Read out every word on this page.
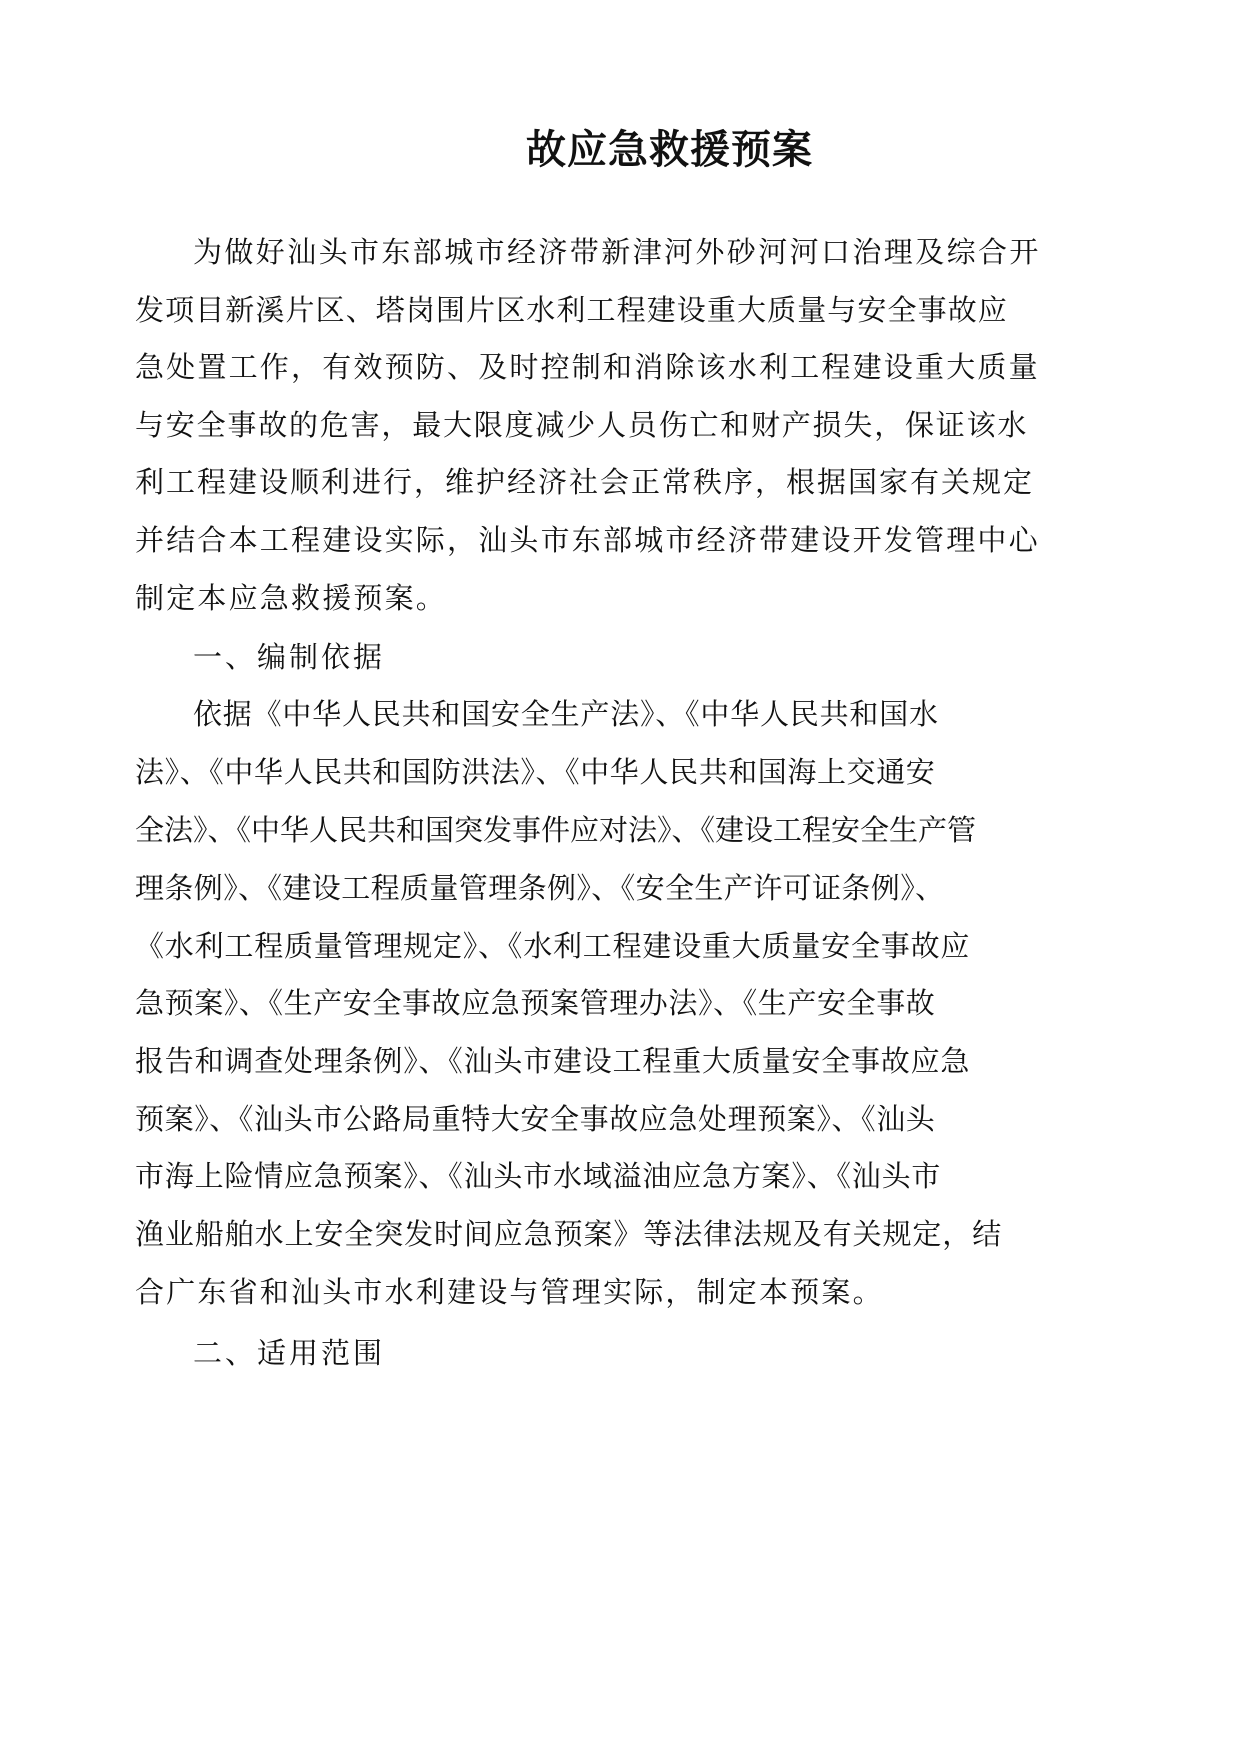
故应急救援预案
为做好汕头市东部城市经济带新津河外砂河河口治理及综合开
发项目新溪片区、塔岗围片区水利工程建设重大质量与安全事故应
急处置工作，有效预防、及时控制和消除该水利工程建设重大质量
与安全事故的危害，最大限度减少人员伤亡和财产损失，保证该水
利工程建设顺利进行，维护经济社会正常秩序，根据国家有关规定
并结合本工程建设实际，汕头市东部城市经济带建设开发管理中心
制定本应急救援预案。
一、编制依据
依据《中华人民共和国安全生产法》、《中华人民共和国水
法》、《中华人民共和国防洪法》、《中华人民共和国海上交通安
全法》、《中华人民共和国突发事件应对法》、《建设工程安全生产管
理条例》、《建设工程质量管理条例》、《安全生产许可证条例》、
《水利工程质量管理规定》、《水利工程建设重大质量安全事故应
急预案》、《生产安全事故应急预案管理办法》、《生产安全事故
报告和调查处理条例》、《汕头市建设工程重大质量安全事故应急
预案》、《汕头市公路局重特大安全事故应急处理预案》、《汕头
市海上险情应急预案》、《汕头市水域溢油应急方案》、《汕头市
渔业船舶水上安全突发时间应急预案》等法律法规及有关规定，结
合广东省和汕头市水利建设与管理实际，制定本预案。
二、适用范围
